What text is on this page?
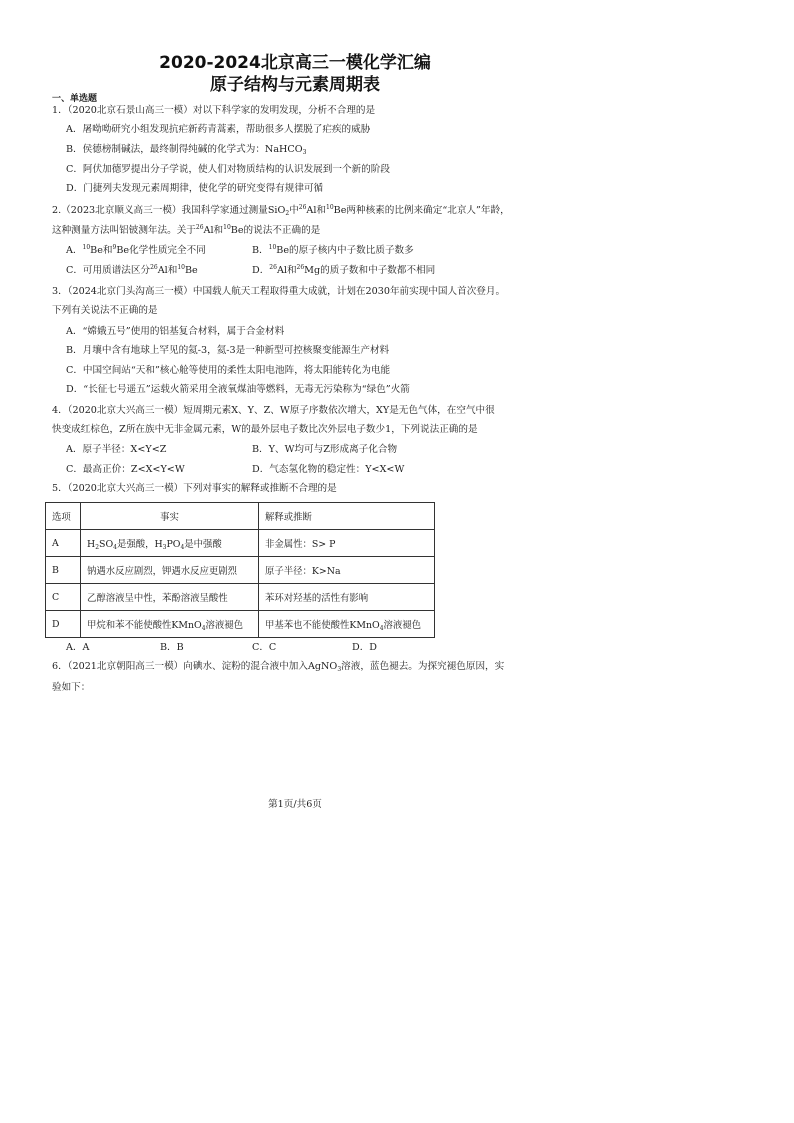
2020-2024北京高三一模化学汇编
原子结构与元素周期表
一、单选题
1．（2020北京石景山高三一模）对以下科学家的发明发现，分析不合理的是
A．屠呦呦研究小组发现抗疟新药青蒿素，帮助很多人摆脱了疟疾的威胁
B．侯德榜制碱法，最终制得纯碱的化学式为：NaHCO$_3$
C．阿伏加德罗提出分子学说，使人们对物质结构的认识发展到一个新的阶段
D．门捷列夫发现元素周期律，使化学的研究变得有规律可循
2.（2023北京顺义高三一模）我国科学家通过测量SiO$_2$中$^{26}$Al和$^{10}$Be两种核素的比例来确定“北京人”年龄，
这种测量方法叫铝铍测年法。关于$^{26}$Al和$^{10}$Be的说法不正确的是
A．$^{10}$Be和$^9$Be化学性质完全不同	B．$^{10}$Be的原子核内中子数比质子数多
C．可用质谱法区分$^{26}$Al和$^{10}$Be	D．$^{26}$Al和$^{26}$Mg的质子数和中子数都不相同
3．（2024北京门头沟高三一模）中国载人航天工程取得重大成就，计划在2030年前实现中国人首次登月。
下列有关说法不正确的是
A．“嫦娥五号”使用的铝基复合材料，属于合金材料
B．月壤中含有地球上罕见的氦-3，氦-3是一种新型可控核聚变能源生产材料
C．中国空间站“天和”核心舱等使用的柔性太阳电池阵，将太阳能转化为电能
D．“长征七号遥五”运载火箭采用全液氧煤油等燃料，无毒无污染称为“绿色”火箭
4．（2020北京大兴高三一模）短周期元素X、Y、Z、W原子序数依次增大，XY是无色气体，在空气中很
快变成红棕色，Z所在族中无非金属元素，W的最外层电子数比次外层电子数少1，下列说法正确的是
A．原子半径：X<Y<Z	B．Y、W均可与Z形成离子化合物
C．最高正价：Z<X<Y<W	D．气态氢化物的稳定性：Y<X<W
5．（2020北京大兴高三一模）下列对事实的解释或推断不合理的是
选项	事实	解释或推断
A	$H_2SO_4$是强酸，$H_3PO_4$是中强酸	非金属性：S> P
B	钠遇水反应剧烈，钾遇水反应更剧烈	原子半径：K>Na
C	乙醇溶液呈中性，苯酚溶液呈酸性	苯环对羟基的活性有影响
D	甲烷和苯不能使酸性KMnO$_4$溶液褪色	甲基苯也不能使酸性KMnO$_4$溶液褪色
A．A	B．B	C．C	D．D
6．（2021北京朝阳高三一模）向碘水、淀粉的混合液中加入AgNO$_3$溶液，蓝色褪去。为探究褪色原因，实
验如下：
第1页/共6页
